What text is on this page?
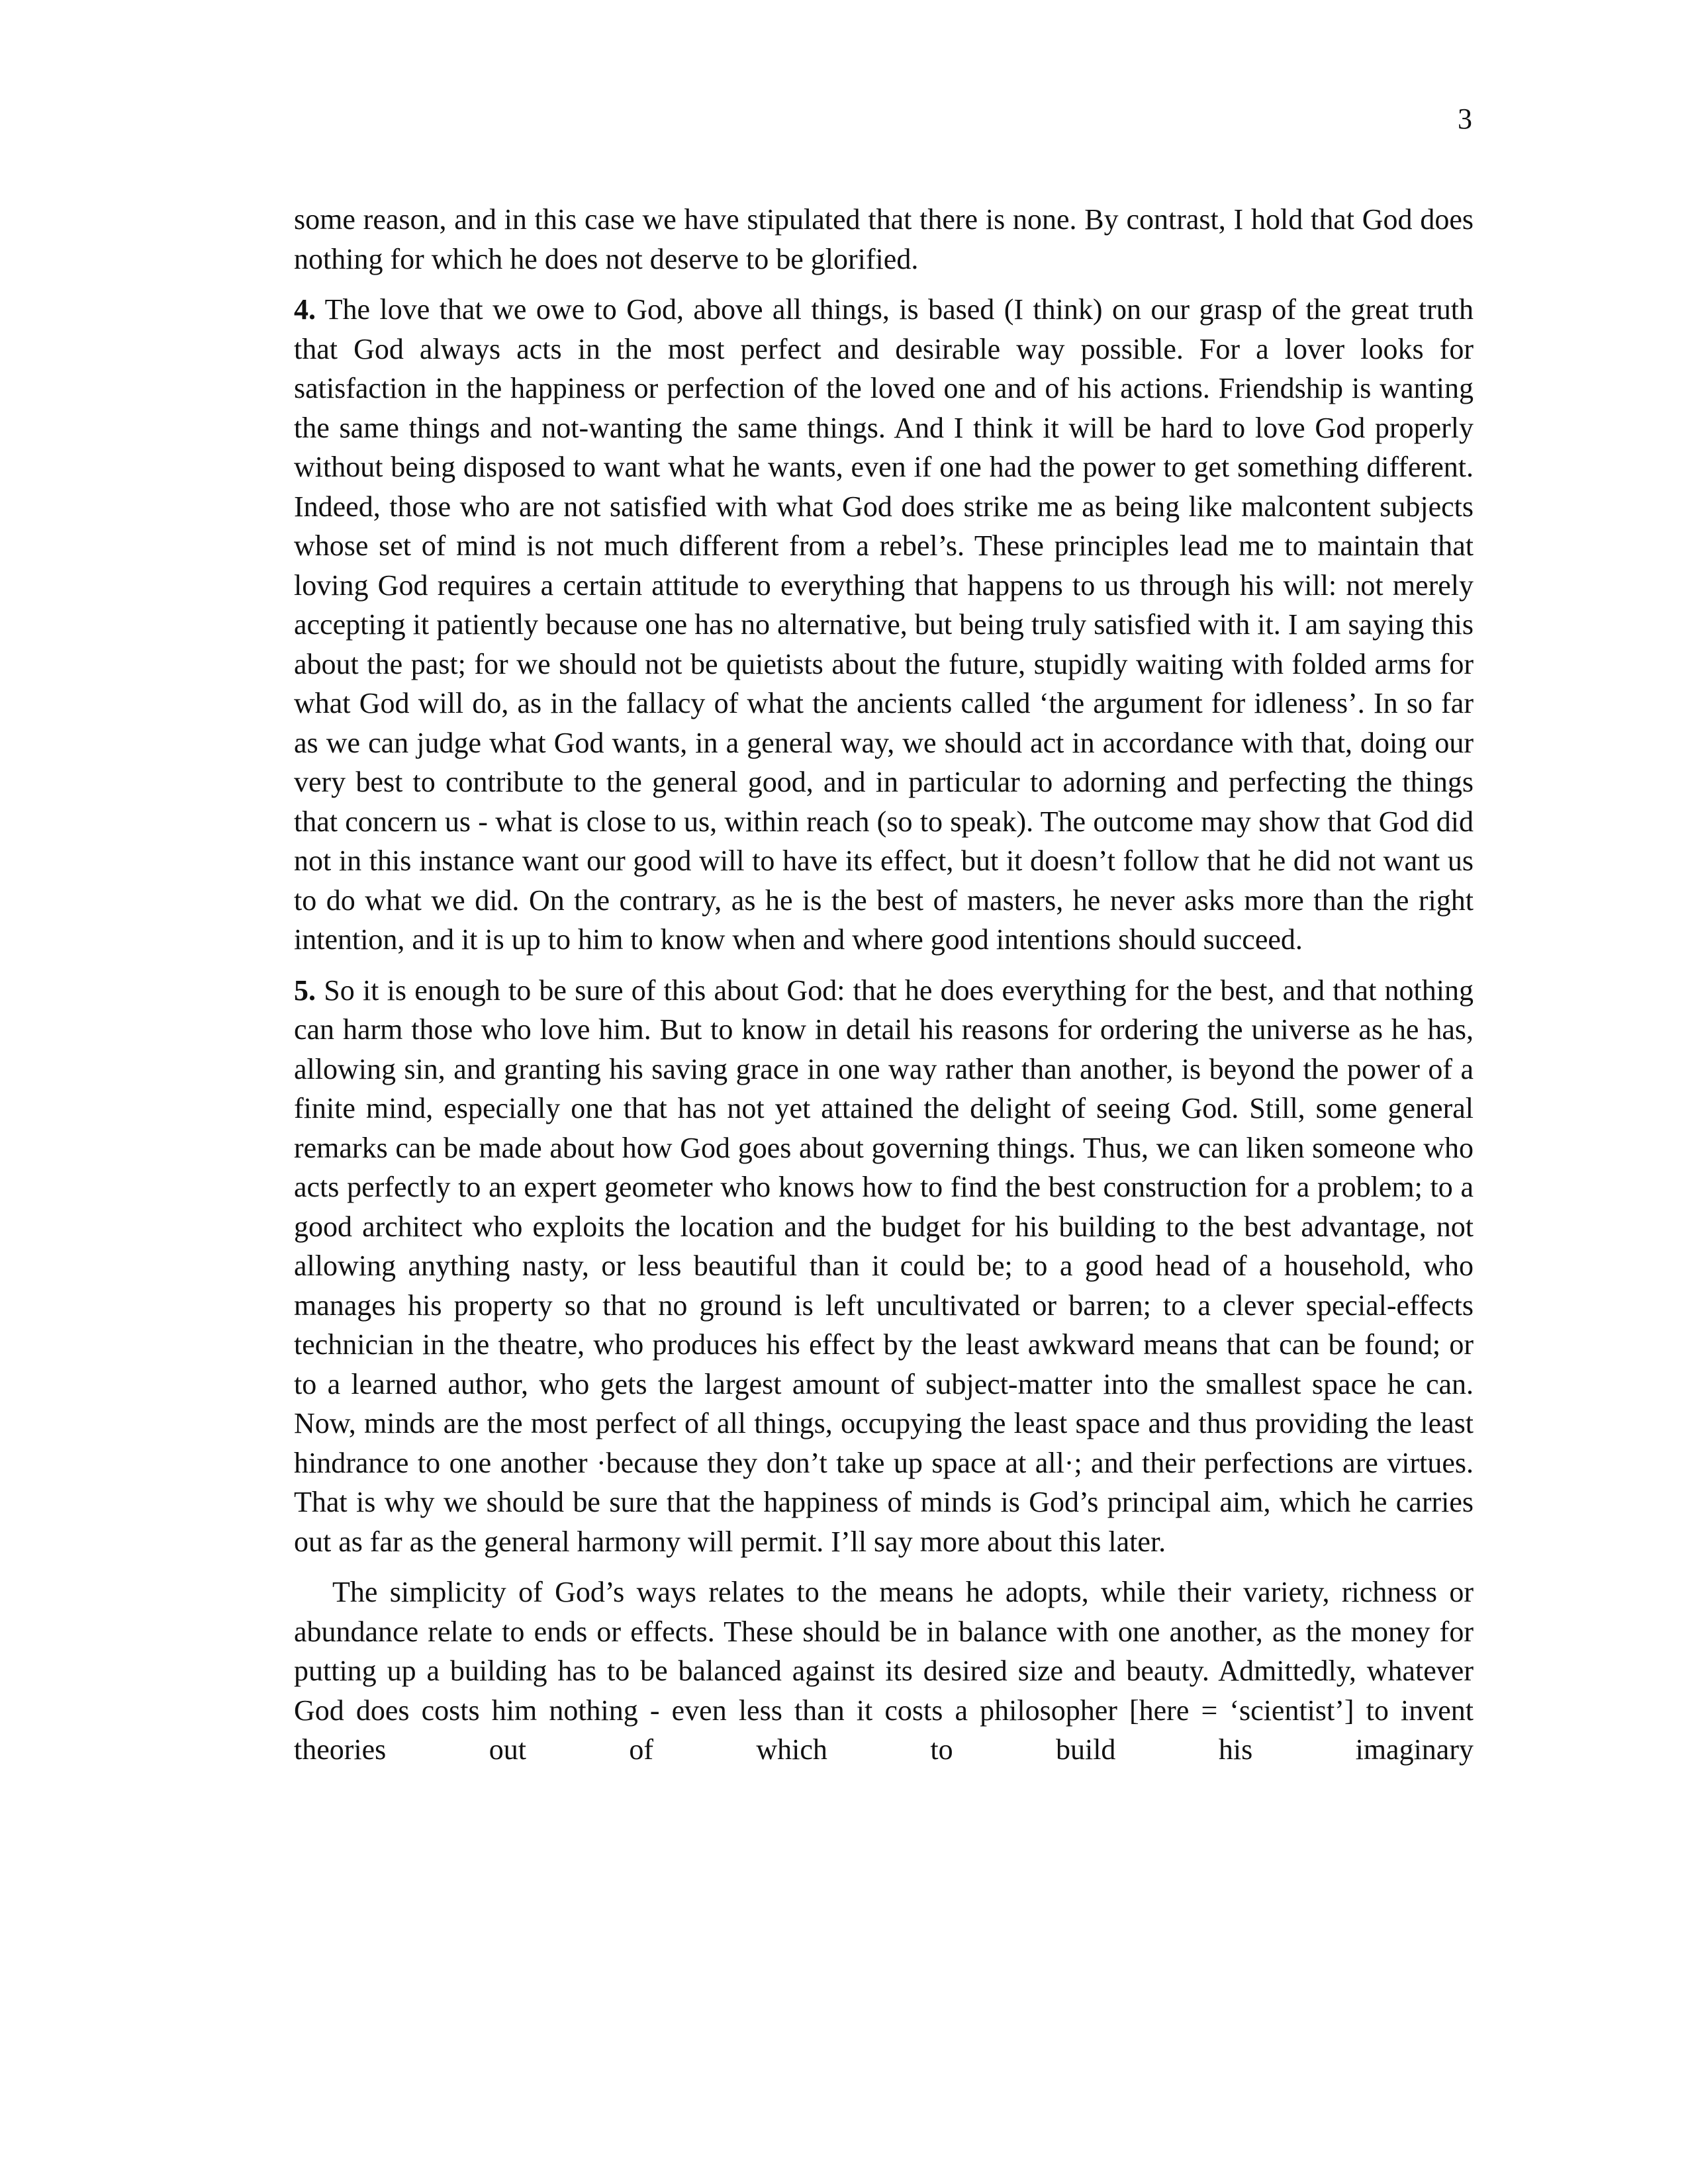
3

some reason, and in this case we have stipulated that there is none. By contrast, I hold that God does nothing for which he does not deserve to be glorified.

4. The love that we owe to God, above all things, is based (I think) on our grasp of the great truth that God always acts in the most perfect and desirable way possible. For a lover looks for satisfaction in the happiness or perfection of the loved one and of his actions. Friendship is wanting the same things and not-wanting the same things. And I think it will be hard to love God properly without being disposed to want what he wants, even if one had the power to get something different. Indeed, those who are not satisfied with what God does strike me as being like malcontent subjects whose set of mind is not much different from a rebel’s. These principles lead me to maintain that loving God requires a certain attitude to everything that happens to us through his will: not merely accepting it patiently because one has no alternative, but being truly satisfied with it. I am saying this about the past; for we should not be quietists about the future, stupidly waiting with folded arms for what God will do, as in the fallacy of what the ancients called ‘the argument for idleness’. In so far as we can judge what God wants, in a general way, we should act in accordance with that, doing our very best to contribute to the general good, and in particular to adorning and perfecting the things that concern us - what is close to us, within reach (so to speak). The outcome may show that God did not in this instance want our good will to have its effect, but it doesn’t follow that he did not want us to do what we did. On the contrary, as he is the best of masters, he never asks more than the right intention, and it is up to him to know when and where good intentions should succeed.

5. So it is enough to be sure of this about God: that he does everything for the best, and that nothing can harm those who love him. But to know in detail his reasons for ordering the universe as he has, allowing sin, and granting his saving grace in one way rather than another, is beyond the power of a finite mind, especially one that has not yet attained the delight of seeing God. Still, some general remarks can be made about how God goes about governing things. Thus, we can liken someone who acts perfectly to an expert geometer who knows how to find the best construction for a problem; to a good architect who exploits the location and the budget for his building to the best advantage, not allowing anything nasty, or less beautiful than it could be; to a good head of a household, who manages his property so that no ground is left uncultivated or barren; to a clever special-effects technician in the theatre, who produces his effect by the least awkward means that can be found; or to a learned author, who gets the largest amount of subject-matter into the smallest space he can. Now, minds are the most perfect of all things, occupying the least space and thus providing the least hindrance to one another ·because they don’t take up space at all·; and their perfections are virtues. That is why we should be sure that the happiness of minds is God’s principal aim, which he carries out as far as the general harmony will permit. I’ll say more about this later.

The simplicity of God’s ways relates to the means he adopts, while their variety, richness or abundance relate to ends or effects. These should be in balance with one another, as the money for putting up a building has to be balanced against its desired size and beauty. Admittedly, whatever God does costs him nothing - even less than it costs a philosopher [here = ‘scientist’] to invent theories out of which to build his imaginary
